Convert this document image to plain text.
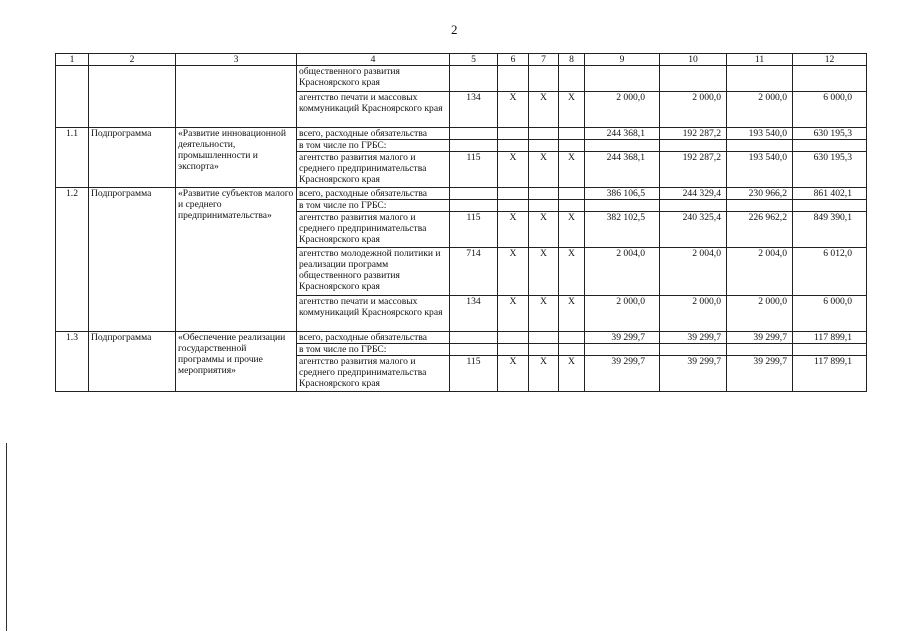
2
1	2	3	4	5	6	7	8	9	10	11	12
			общественного развития Красноярского края								
			агентство печати и массовых коммуникаций Красноярского края	134	X	X	X	2 000,0	2 000,0	2 000,0	6 000,0
1.1	Подпрограмма	«Развитие инновационной деятельности, промышленности и экспорта»	всего, расходные обязательства					244 368,1	192 287,2	193 540,0	630 195,3
			в том числе по ГРБС:								
			агентство развития малого и среднего предпринимательства Красноярского края	115	X	X	X	244 368,1	192 287,2	193 540,0	630 195,3
1.2	Подпрограмма	«Развитие субъектов малого и среднего предпринимательства»	всего, расходные обязательства					386 106,5	244 329,4	230 966,2	861 402,1
			в том числе по ГРБС:								
			агентство развития малого и среднего предпринимательства Красноярского края	115	X	X	X	382 102,5	240 325,4	226 962,2	849 390,1
			агентство молодежной политики и реализации программ общественного развития Красноярского края	714	X	X	X	2 004,0	2 004,0	2 004,0	6 012,0
			агентство печати и массовых коммуникаций Красноярского края	134	X	X	X	2 000,0	2 000,0	2 000,0	6 000,0
1.3	Подпрограмма	«Обеспечение реализации государственной программы и прочие мероприятия»	всего, расходные обязательства					39 299,7	39 299,7	39 299,7	117 899,1
			в том числе по ГРБС:								
			агентство развития малого и среднего предпринимательства Красноярского края	115	X	X	X	39 299,7	39 299,7	39 299,7	117 899,1
